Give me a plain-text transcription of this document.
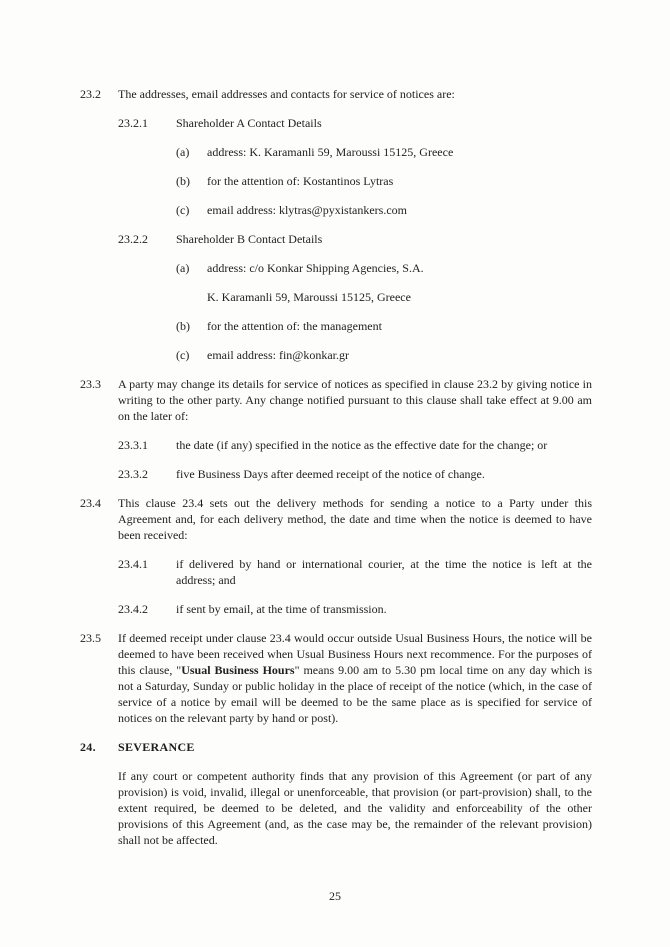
23.2	The addresses, email addresses and contacts for service of notices are:
23.2.1	Shareholder A Contact Details
(a)	address: K. Karamanli 59, Maroussi 15125, Greece
(b)	for the attention of: Kostantinos Lytras
(c)	email address: klytras@pyxistankers.com
23.2.2	Shareholder B Contact Details
(a)	address: c/o Konkar Shipping Agencies, S.A.
K. Karamanli 59, Maroussi 15125, Greece
(b)	for the attention of: the management
(c)	email address: fin@konkar.gr
23.3	A party may change its details for service of notices as specified in clause 23.2 by giving notice in writing to the other party. Any change notified pursuant to this clause shall take effect at 9.00 am on the later of:
23.3.1	the date (if any) specified in the notice as the effective date for the change; or
23.3.2	five Business Days after deemed receipt of the notice of change.
23.4	This clause 23.4 sets out the delivery methods for sending a notice to a Party under this Agreement and, for each delivery method, the date and time when the notice is deemed to have been received:
23.4.1	if delivered by hand or international courier, at the time the notice is left at the address; and
23.4.2	if sent by email, at the time of transmission.
23.5	If deemed receipt under clause 23.4 would occur outside Usual Business Hours, the notice will be deemed to have been received when Usual Business Hours next recommence. For the purposes of this clause, "Usual Business Hours" means 9.00 am to 5.30 pm local time on any day which is not a Saturday, Sunday or public holiday in the place of receipt of the notice (which, in the case of service of a notice by email will be deemed to be the same place as is specified for service of notices on the relevant party by hand or post).
24.	SEVERANCE
If any court or competent authority finds that any provision of this Agreement (or part of any provision) is void, invalid, illegal or unenforceable, that provision (or part-provision) shall, to the extent required, be deemed to be deleted, and the validity and enforceability of the other provisions of this Agreement (and, as the case may be, the remainder of the relevant provision) shall not be affected.
25
